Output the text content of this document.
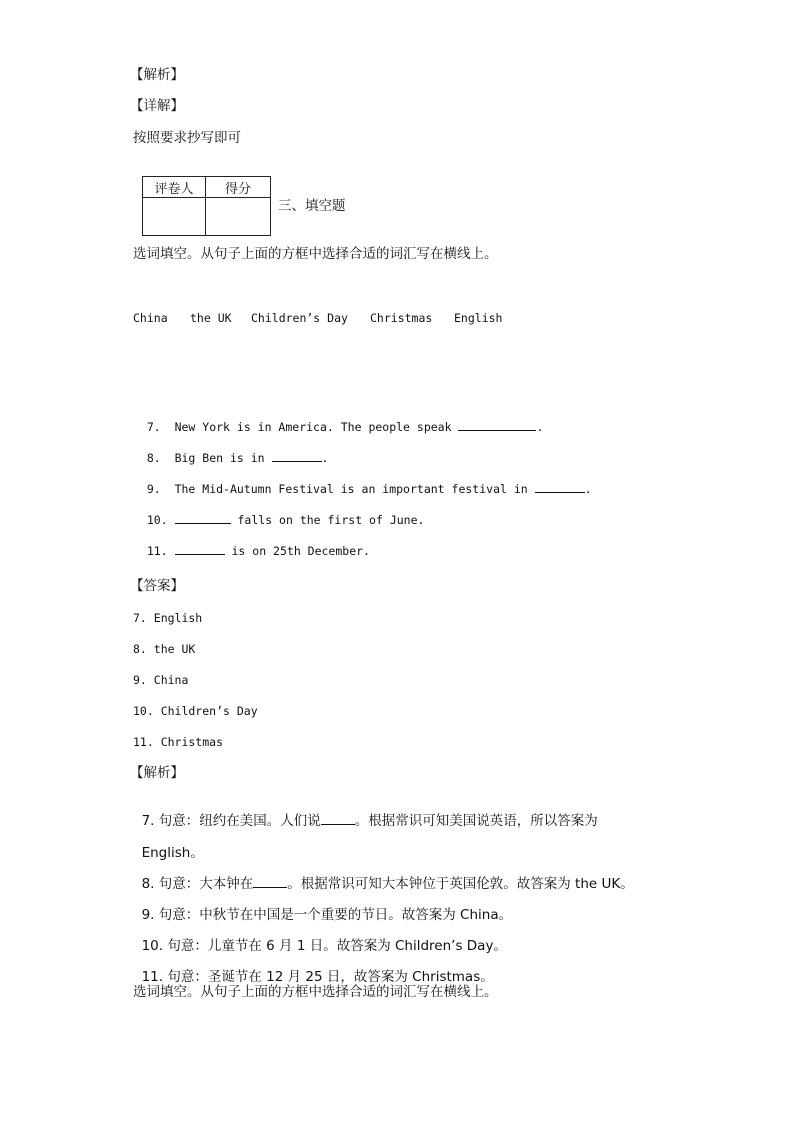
【解析】
【详解】
按照要求抄写即可
评卷人	得分

三、填空题
选词填空。从句子上面的方框中选择合适的词汇写在横线上。
China the UK Children’s Day Christmas English

7. New York is in America. The people speak	.

8. Big Ben is in	.

9. The Mid-Autumn Festival is an important festival in	.

10.	falls on the first of June.

11.	is on 25th December.

【答案】
7. English
8. the UK
9. China
10. Children’s Day
11. Christmas
【解析】

7. 句意：纽约在美国。人们说	。根据常识可知美国说英语，所以答案为

English。

8. 句意：大本钟在	。根据常识可知大本钟位于英国伦敦。故答案为 the UK。

9. 句意：中秋节在中国是一个重要的节日。故答案为 China。

10. 句意：儿童节在 6 月 1 日。故答案为 Children’s Day。

11. 句意：圣诞节在 12 月 25 日，故答案为 Christmas。

选词填空。从句子上面的方框中选择合适的词汇写在横线上。
